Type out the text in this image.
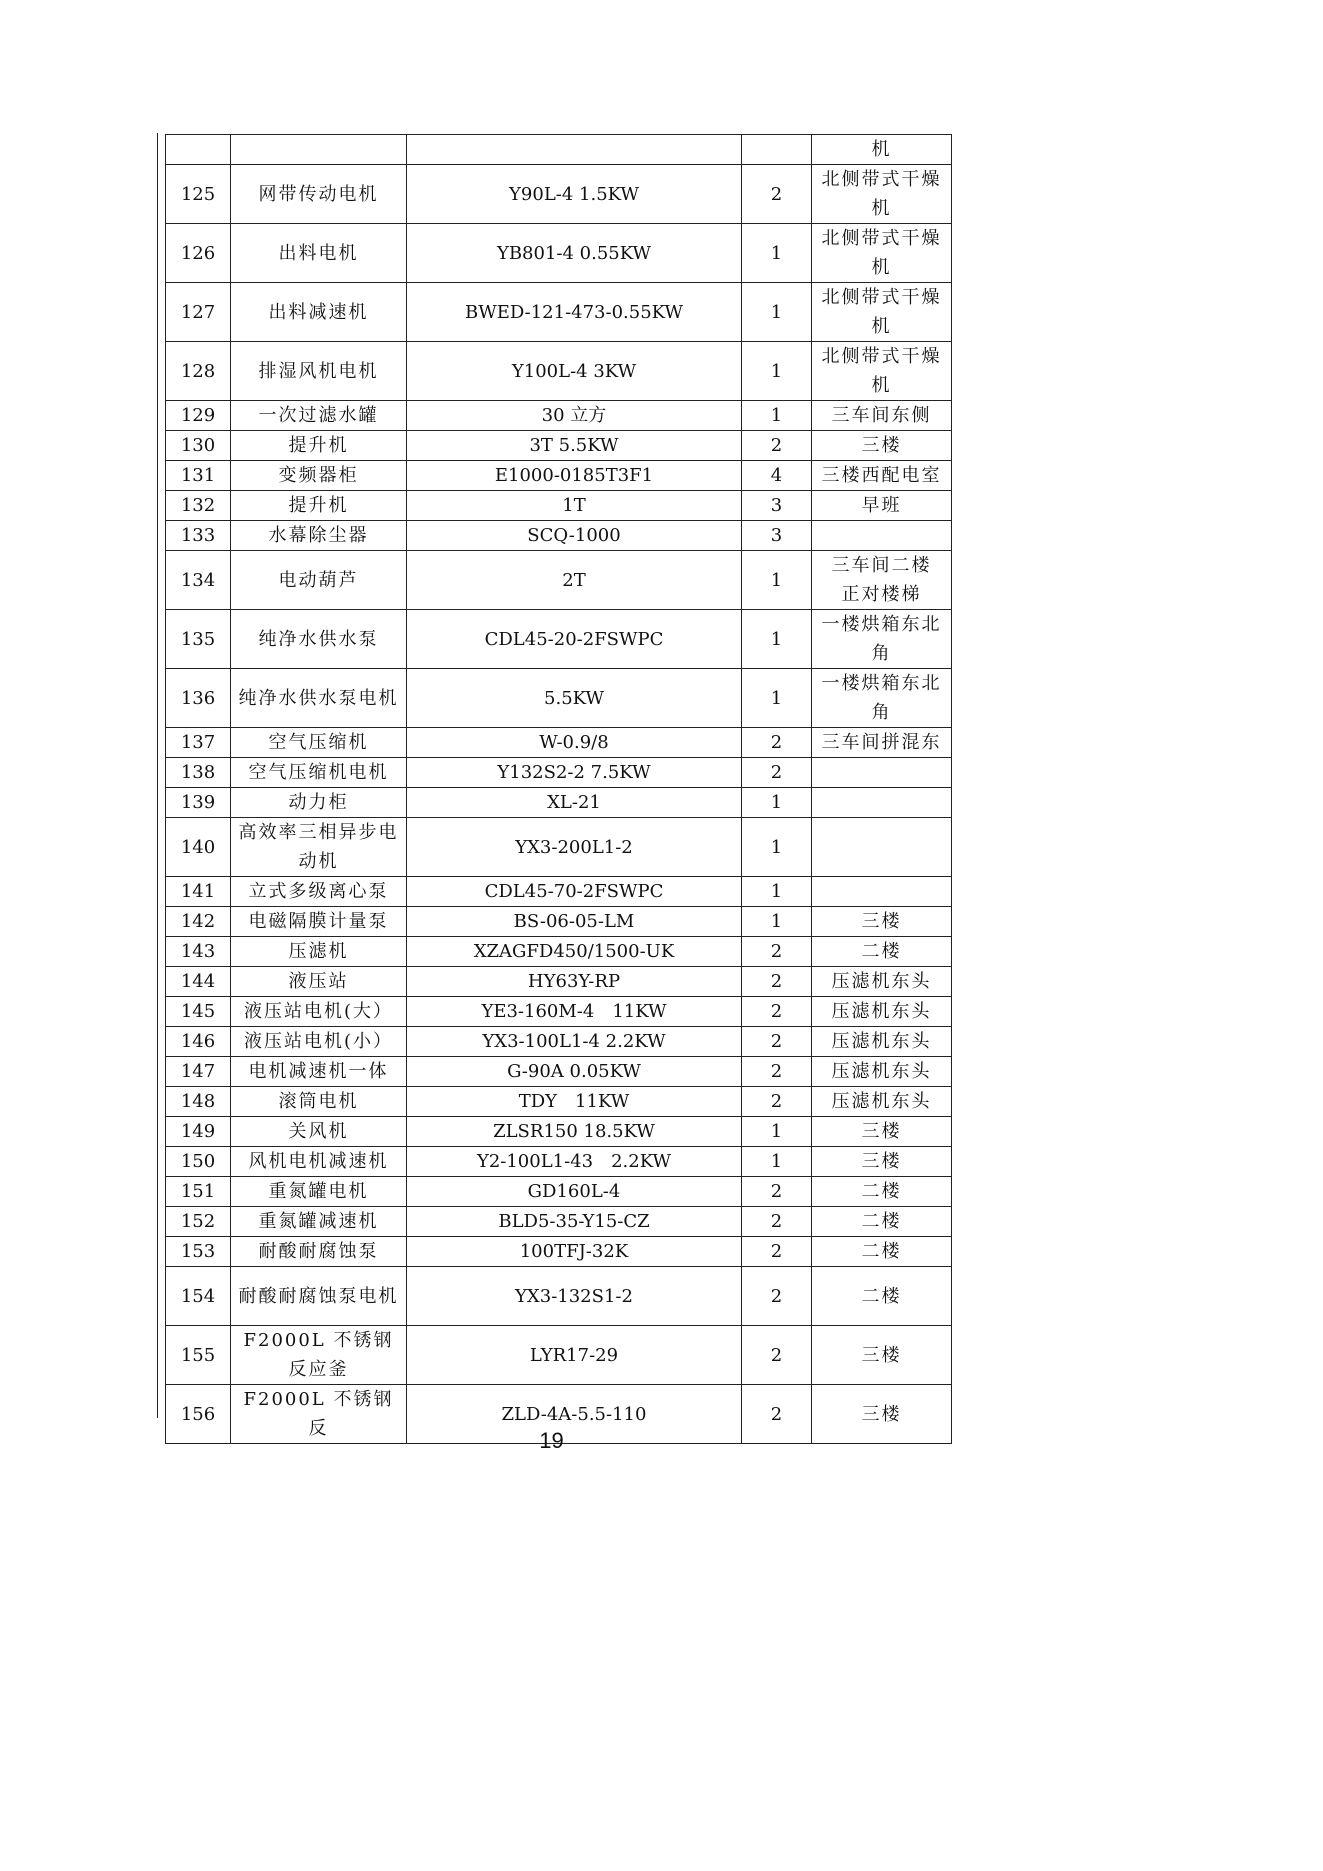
				机
125	网带传动电机	Y90L-4 1.5KW	2	北侧带式干燥机
126	出料电机	YB801-4 0.55KW	1	北侧带式干燥机
127	出料减速机	BWED-121-473-0.55KW	1	北侧带式干燥机
128	排湿风机电机	Y100L-4 3KW	1	北侧带式干燥机
129	一次过滤水罐	30 立方	1	三车间东侧
130	提升机	3T 5.5KW	2	三楼
131	变频器柜	E1000-0185T3F1	4	三楼西配电室
132	提升机	1T	3	早班
133	水幕除尘器	SCQ-1000	3	
134	电动葫芦	2T	1	三车间二楼 正对楼梯
135	纯净水供水泵	CDL45-20-2FSWPC	1	一楼烘箱东北角
136	纯净水供水泵电机	5.5KW	1	一楼烘箱东北角
137	空气压缩机	W-0.9/8	2	三车间拼混东
138	空气压缩机电机	Y132S2-2 7.5KW	2	
139	动力柜	XL-21	1	
140	高效率三相异步电动机	YX3-200L1-2	1	
141	立式多级离心泵	CDL45-70-2FSWPC	1	
142	电磁隔膜计量泵	BS-06-05-LM	1	三楼
143	压滤机	XZAGFD450/1500-UK	2	二楼
144	液压站	HY63Y-RP	2	压滤机东头
145	液压站电机(大）	YE3-160M-4　11KW	2	压滤机东头
146	液压站电机(小）	YX3-100L1-4 2.2KW	2	压滤机东头
147	电机减速机一体	G-90A 0.05KW	2	压滤机东头
148	滚筒电机	TDY　11KW	2	压滤机东头
149	关风机	ZLSR150 18.5KW	1	三楼
150	风机电机减速机	Y2-100L1-43　2.2KW	1	三楼
151	重氮罐电机	GD160L-4	2	二楼
152	重氮罐减速机	BLD5-35-Y15-CZ	2	二楼
153	耐酸耐腐蚀泵	100TFJ-32K	2	二楼
154	耐酸耐腐蚀泵电机	YX3-132S1-2	2	二楼
155	F2000L 不锈钢反应釜	LYR17-29	2	三楼
156	F2000L 不锈钢反	ZLD-4A-5.5-110	2	三楼
19
